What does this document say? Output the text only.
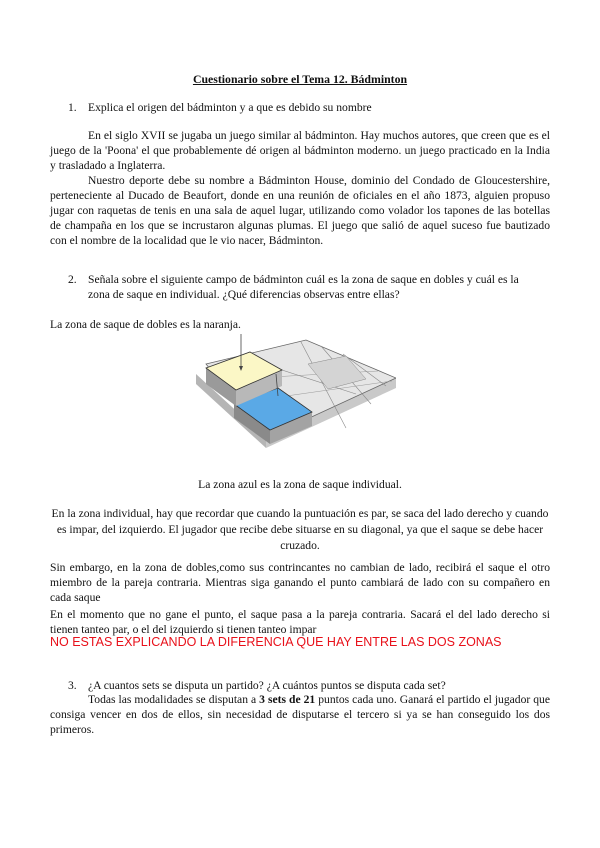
Cuestionario sobre el Tema 12. Bádminton
1. Explica el origen del bádminton y a que es debido su nombre
En el siglo XVII se jugaba un juego similar al bádminton. Hay muchos autores, que creen que es el juego de la 'Poona' el que probablemente dé origen al bádminton moderno. un juego practicado en la India y trasladado a Inglaterra.
Nuestro deporte debe su nombre a Bádminton House, dominio del Condado de Gloucestershire, perteneciente al Ducado de Beaufort, donde en una reunión de oficiales en el año 1873, alguien propuso jugar con raquetas de tenis en una sala de aquel lugar, utilizando como volador los tapones de las botellas de champaña en los que se incrustaron algunas plumas. El juego que salió de aquel suceso fue bautizado con el nombre de la localidad que le vio nacer, Bádminton.
2. Señala sobre el siguiente campo de bádminton cuál es la zona de saque en dobles y cuál es la zona de saque en individual. ¿Qué diferencias observas entre ellas?
La zona de saque de dobles es la naranja.
La zona azul es la zona de saque individual.
En la zona individual, hay que recordar que cuando la puntuación es par, se saca del lado derecho y cuando es impar, del izquierdo. El jugador que recibe debe situarse en su diagonal, ya que el saque se debe hacer cruzado.
Sin embargo, en la zona de dobles,como sus contrincantes no cambian de lado, recibirá el saque el otro miembro de la pareja contraria. Mientras siga ganando el punto cambiará de lado con su compañero en cada saque
En el momento que no gane el punto, el saque pasa a la pareja contraria. Sacará el del lado derecho si tienen tanteo par, o el del izquierdo si tienen tanteo impar
NO ESTAS EXPLICANDO LA DIFERENCIA QUE HAY ENTRE LAS DOS ZONAS
3. ¿A cuantos sets se disputa un partido? ¿A cuántos puntos se disputa cada set?
Todas las modalidades se disputan a 3 sets de 21 puntos cada uno. Ganará el partido el jugador que consiga vencer en dos de ellos, sin necesidad de disputarse el tercero si ya se han conseguido los dos primeros.
